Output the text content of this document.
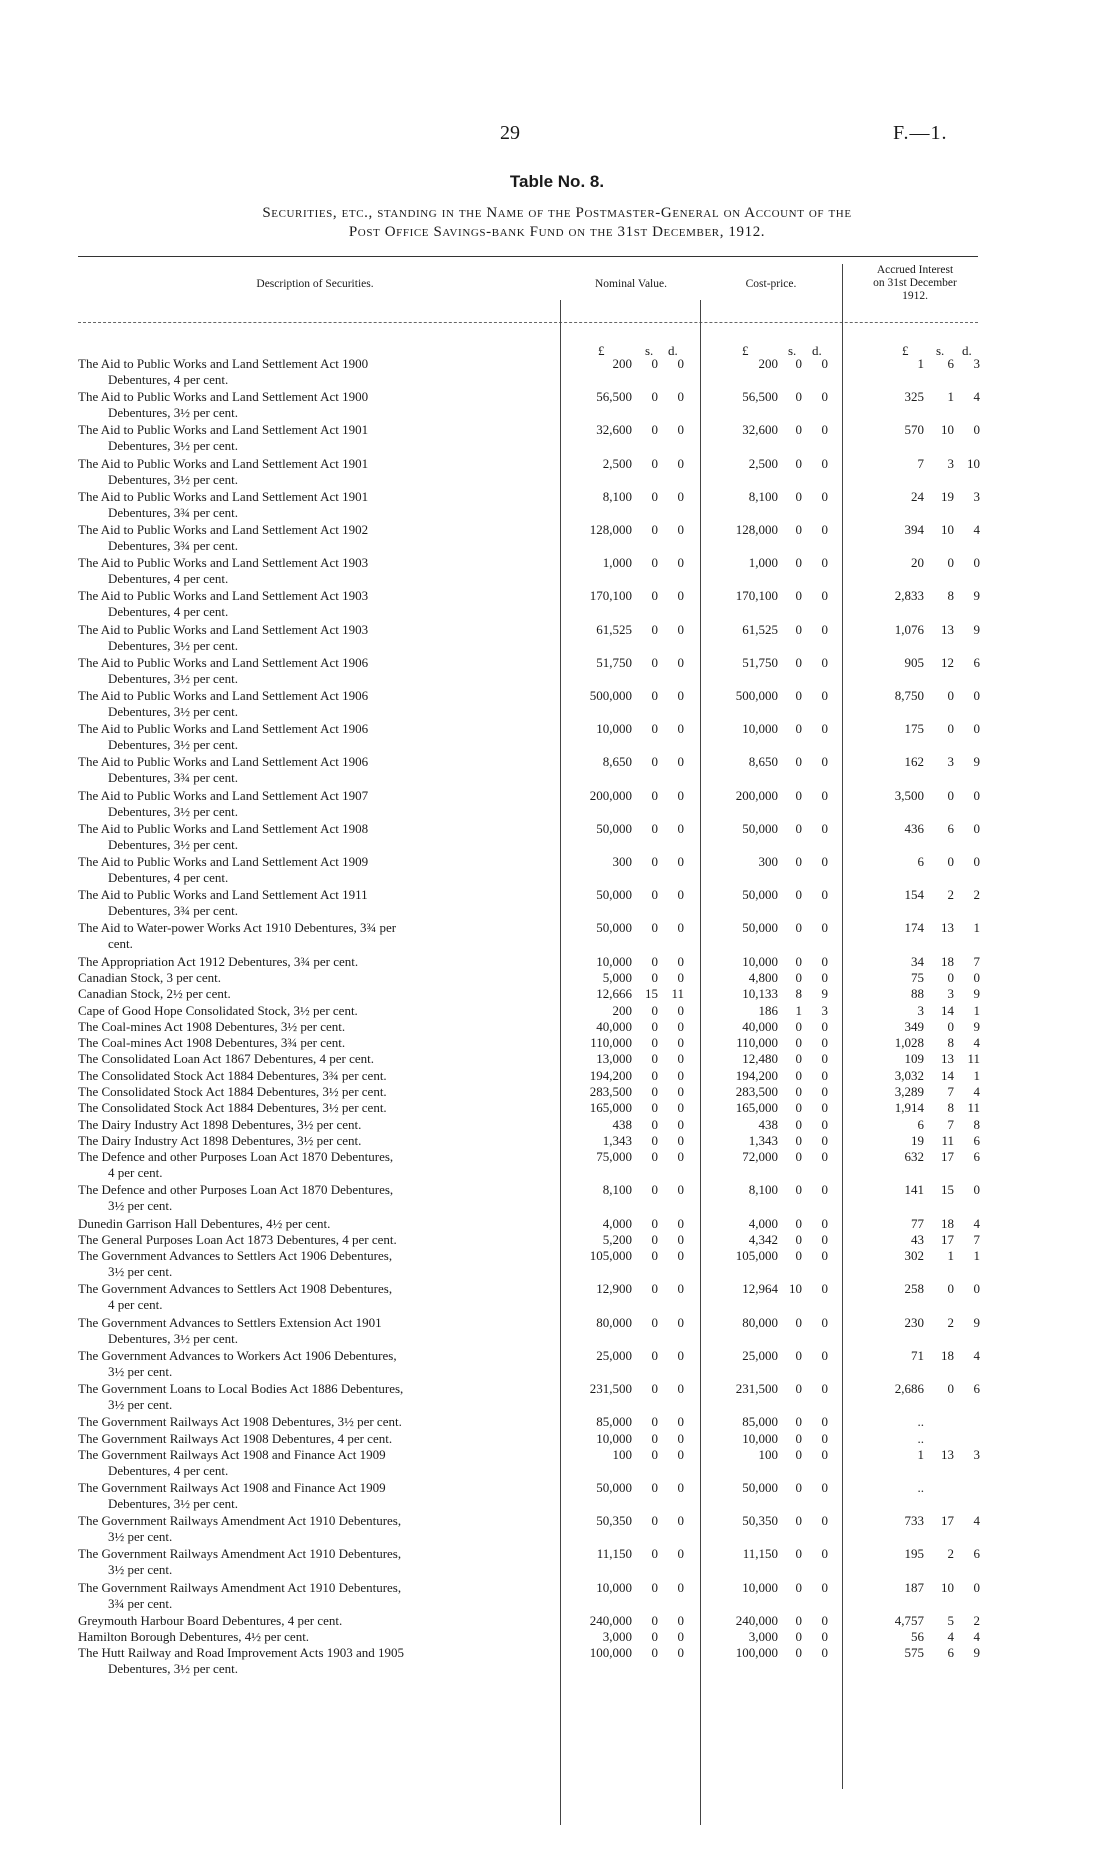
29	F.—1.
Table No. 8.
Securities, etc., standing in the Name of the Postmaster-General on Account of the
Post Office Savings-bank Fund on the 31st December, 1912.
Description of Securities.	Nominal Value.	Cost-price.
Accrued Interest
on 31st December
1912.
£	s. d.	£	s. d.	£ s. d.
The Aid to Public Works and Land Settlement Act 1900
Debentures, 4 per cent.
200	0	0	200	0	0	1	6	3
The Aid to Public Works and Land Settlement Act 1900
Debentures, 3½ per cent.
56,500	0	0	56,500	0	0	325	1	4
The Aid to Public Works and Land Settlement Act 1901
Debentures, 3½ per cent.
32,600	0	0	32,600	0	0	570	10	0
The Aid to Public Works and Land Settlement Act 1901
Debentures, 3½ per cent.
2,500	0	0	2,500	0	0	7	3	10
The Aid to Public Works and Land Settlement Act 1901
Debentures, 3¾ per cent.
8,100	0	0	8,100	0	0	24	19	3
The Aid to Public Works and Land Settlement Act 1902
Debentures, 3¾ per cent.
128,000	0	0	128,000	0	0	394	10	4
The Aid to Public Works and Land Settlement Act 1903
Debentures, 4 per cent.
1,000	0	0	1,000	0	0	20	0	0
The Aid to Public Works and Land Settlement Act 1903
Debentures, 4 per cent.
170,100	0	0	170,100	0	0	2,833	8	9
The Aid to Public Works and Land Settlement Act 1903
Debentures, 3½ per cent.
61,525	0	0	61,525	0	0	1,076	13	9
The Aid to Public Works and Land Settlement Act 1906
Debentures, 3½ per cent.
51,750	0	0	51,750	0	0	905	12	6
The Aid to Public Works and Land Settlement Act 1906
Debentures, 3½ per cent.
500,000	0	0	500,000	0	0	8,750	0	0
The Aid to Public Works and Land Settlement Act 1906
Debentures, 3½ per cent.
10,000	0	0	10,000	0	0	175	0	0
The Aid to Public Works and Land Settlement Act 1906
Debentures, 3¾ per cent.
8,650	0	0	8,650	0	0	162	3	9
The Aid to Public Works and Land Settlement Act 1907
Debentures, 3½ per cent.
200,000	0	0	200,000	0	0	3,500	0	0
The Aid to Public Works and Land Settlement Act 1908
Debentures, 3½ per cent.
50,000	0	0	50,000	0	0	436	6	0
The Aid to Public Works and Land Settlement Act 1909
Debentures, 4 per cent.
300	0	0	300	0	0	6	0	0
The Aid to Public Works and Land Settlement Act 1911
Debentures, 3¾ per cent.
50,000	0	0	50,000	0	0	154	2	2
The Aid to Water-power Works Act 1910 Debentures, 3¾ per
cent.
50,000	0	0	50,000	0	0	174	13	1
The Appropriation Act 1912 Debentures, 3¾ per cent.	10,000	0	0	10,000	0	0	34	18	7
Canadian Stock, 3 per cent.	5,000	0	0	4,800	0	0	75	0	0
Canadian Stock, 2½ per cent.	12,666	15	11	10,133	8	9	88	3	9
Cape of Good Hope Consolidated Stock, 3½ per cent.	200	0	0	186	1	3	3	14	1
The Coal-mines Act 1908 Debentures, 3½ per cent.	40,000	0	0	40,000	0	0	349	0	9
The Coal-mines Act 1908 Debentures, 3¾ per cent.	110,000	0	0	110,000	0	0	1,028	8	4
The Consolidated Loan Act 1867 Debentures, 4 per cent.	13,000	0	0	12,480	0	0	109	13	11
The Consolidated Stock Act 1884 Debentures, 3¾ per cent.	194,200	0	0	194,200	0	0	3,032	14	1
The Consolidated Stock Act 1884 Debentures, 3½ per cent.	283,500	0	0	283,500	0	0	3,289	7	4
The Consolidated Stock Act 1884 Debentures, 3½ per cent.	165,000	0	0	165,000	0	0	1,914	8	11
The Dairy Industry Act 1898 Debentures, 3½ per cent.	438	0	0	438	0	0	6	7	8
The Dairy Industry Act 1898 Debentures, 3½ per cent.	1,343	0	0	1,343	0	0	19	11	6
The Defence and other Purposes Loan Act 1870 Debentures,
4 per cent.
75,000	0	0	72,000	0	0	632	17	6
The Defence and other Purposes Loan Act 1870 Debentures,
3½ per cent.
8,100	0	0	8,100	0	0	141	15	0
Dunedin Garrison Hall Debentures, 4½ per cent.	4,000	0	0	4,000	0	0	77	18	4
The General Purposes Loan Act 1873 Debentures, 4 per cent.	5,200	0	0	4,342	0	0	43	17	7
The Government Advances to Settlers Act 1906 Debentures,
3½ per cent.
105,000	0	0	105,000	0	0	302	1	1
The Government Advances to Settlers Act 1908 Debentures,
4 per cent.
12,900	0	0	12,964 10	0	258	0	0
The Government Advances to Settlers Extension Act 1901
Debentures, 3½ per cent.
80,000	0	0	80,000	0	0	230	2	9
The Government Advances to Workers Act 1906 Debentures,
3½ per cent.
25,000	0	0	25,000	0	0	71	18	4
The Government Loans to Local Bodies Act 1886 Debentures,
3½ per cent.
231,500	0	0	231,500	0	0	2,686	0	6
The Government Railways Act 1908 Debentures, 3½ per cent.	85,000	0	0	85,000	0	0	..
The Government Railways Act 1908 Debentures, 4 per cent.	10,000	0	0	10,000	0	0	..
The Government Railways Act 1908 and Finance Act 1909
Debentures, 4 per cent.
100	0	0	100	0	0	1	13	3
The Government Railways Act 1908 and Finance Act 1909
Debentures, 3½ per cent.
50,000	0	0	50,000	0	0	..
The Government Railways Amendment Act 1910 Debentures,
3½ per cent.
50,350	0	0	50,350	0	0	733	17	4
The Government Railways Amendment Act 1910 Debentures,
3½ per cent.
11,150	0	0	11,150	0	0	195	2	6
The Government Railways Amendment Act 1910 Debentures,
3¾ per cent.
10,000	0	0	10,000	0	0	187	10	0
Greymouth Harbour Board Debentures, 4 per cent.	240,000	0	0	240,000	0	0	4,757	5	2
Hamilton Borough Debentures, 4½ per cent.	3,000	0	0	3,000	0	0	56	4	4
The Hutt Railway and Road Improvement Acts 1903 and 1905
Debentures, 3½ per cent.
100,000	0	0	100,000	0	0	575	6	9
